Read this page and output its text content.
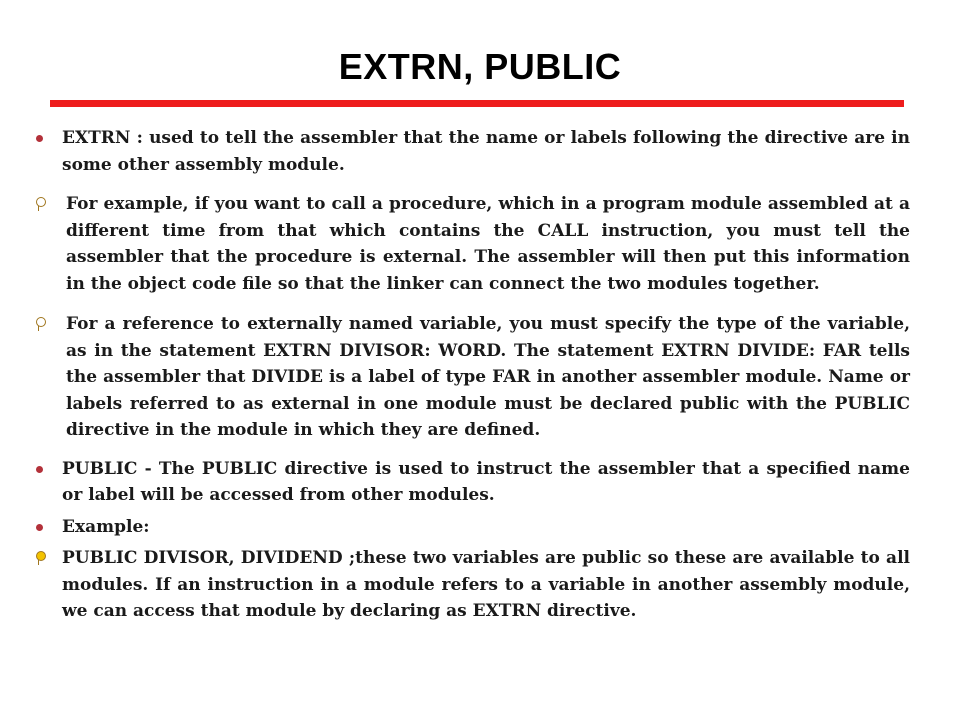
EXTRN, PUBLIC
EXTRN : used to tell the assembler that the name or labels following the directive are in some other assembly module.
For example, if you want to call a procedure, which in a program module assembled at a different time from that which contains the CALL instruction, you must tell the assembler that the procedure is external. The assembler will then put this information in the object code file so that the linker can connect the two modules together.
For a reference to externally named variable, you must specify the type of the variable, as in the statement EXTRN DIVISOR: WORD. The statement EXTRN DIVIDE: FAR tells the assembler that DIVIDE is a label of type FAR in another assembler module. Name or labels referred to as external in one module must be declared public with the PUBLIC directive in the module in which they are defined.
PUBLIC - The PUBLIC directive is used to instruct the assembler that a specified name or label will be accessed from other modules.
Example:
PUBLIC DIVISOR, DIVIDEND ;these two variables are public so these are available to all modules. If an instruction in a module refers to a variable in another assembly module, we can access that module by declaring as EXTRN directive.
